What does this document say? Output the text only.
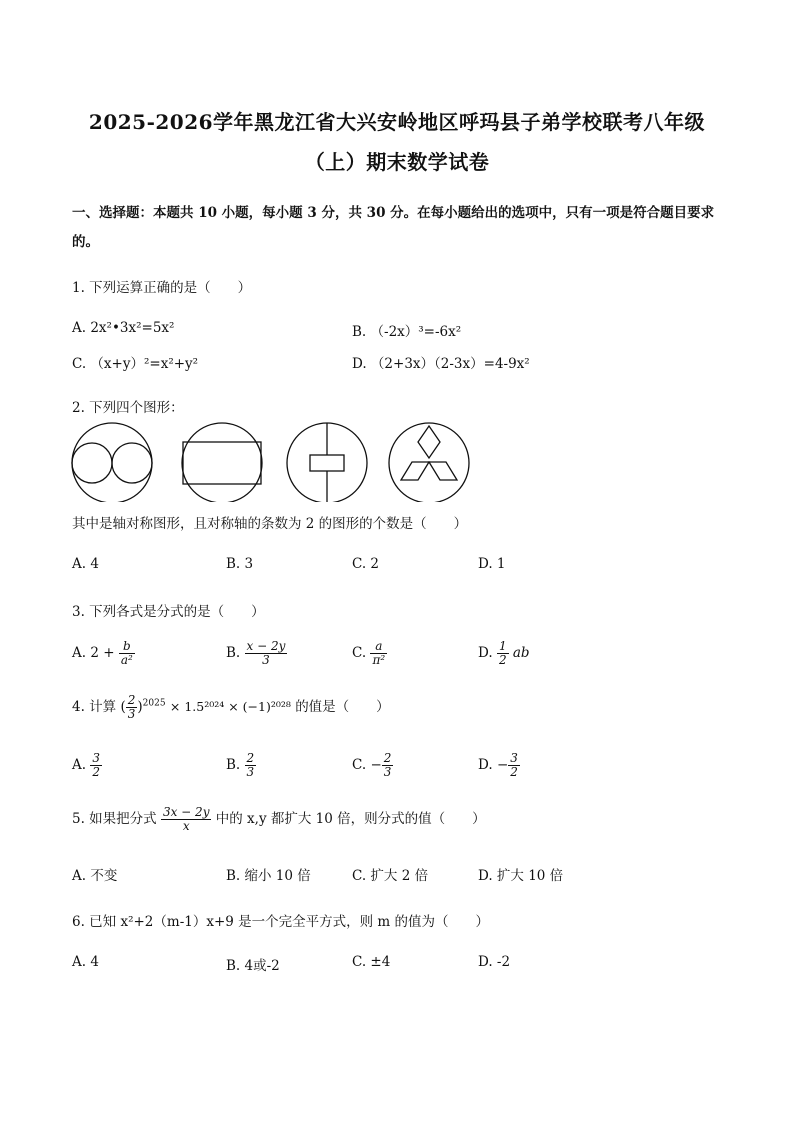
2025-2026学年黑龙江省大兴安岭地区呼玛县子弟学校联考八年级
（上）期末数学试卷
一、选择题：本题共 10 小题，每小题 3 分，共 30 分。在每小题给出的选项中，只有一项是符合题目要求
的。
1. 下列运算正确的是（　　）
A. 2x²•3x²=5x²	B. （-2x）³=-6x²
C. （x+y）²=x²+y²	D. （2+3x）（2-3x）=4-9x²
2. 下列四个图形：
其中是轴对称图形，且对称轴的条数为 2 的图形的个数是（　　）
A. 4	B. 3	C. 2	D. 1
3. 下列各式是分式的是（　　）
A. $2 + \frac{b}{\text{a²}}$	B. $\frac{x - 2y}{3}$	C. $\frac{a}{\text{π²}}$	D. $\frac{1}{2}$ ab
4. 计算 ( $\frac{2}{3} )^{2025} \times 1.5^{2024} \times (-1)^{2028}$ 的值是（　　）
A. $\frac{3}{2}$	B. $\frac{2}{3}$	C. − $\frac{2}{3}$	D. − $\frac{3}{2}$
5. 如果把分式 $\frac{3x - 2y}{x}$ 中的 x,y 都扩大 10 倍，则分式的值（　　）
A. 不变	B. 缩小 10 倍	C. 扩大 2 倍	D. 扩大 10 倍
6. 已知 x²+2（m-1）x+9 是一个完全平方式，则 m 的值为（　　）
A. 4	B. 4或-2	C. ±4	D. -2
